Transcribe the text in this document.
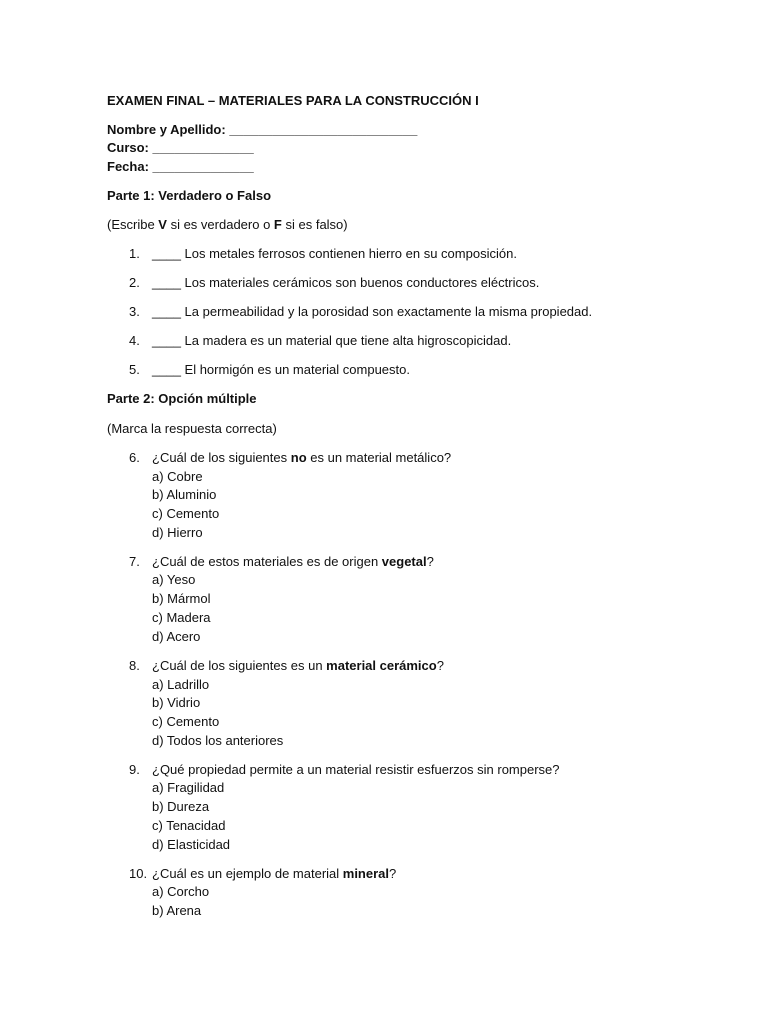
EXAMEN FINAL – MATERIALES PARA LA CONSTRUCCIÓN I
Nombre y Apellido: __________________________
Curso: ______________
Fecha: ______________
Parte 1: Verdadero o Falso
(Escribe V si es verdadero o F si es falso)
1. ____ Los metales ferrosos contienen hierro en su composición.
2. ____ Los materiales cerámicos son buenos conductores eléctricos.
3. ____ La permeabilidad y la porosidad son exactamente la misma propiedad.
4. ____ La madera es un material que tiene alta higroscopicidad.
5. ____ El hormigón es un material compuesto.
Parte 2: Opción múltiple
(Marca la respuesta correcta)
6. ¿Cuál de los siguientes no es un material metálico?
a) Cobre
b) Aluminio
c) Cemento
d) Hierro
7. ¿Cuál de estos materiales es de origen vegetal?
a) Yeso
b) Mármol
c) Madera
d) Acero
8. ¿Cuál de los siguientes es un material cerámico?
a) Ladrillo
b) Vidrio
c) Cemento
d) Todos los anteriores
9. ¿Qué propiedad permite a un material resistir esfuerzos sin romperse?
a) Fragilidad
b) Dureza
c) Tenacidad
d) Elasticidad
10. ¿Cuál es un ejemplo de material mineral?
a) Corcho
b) Arena
